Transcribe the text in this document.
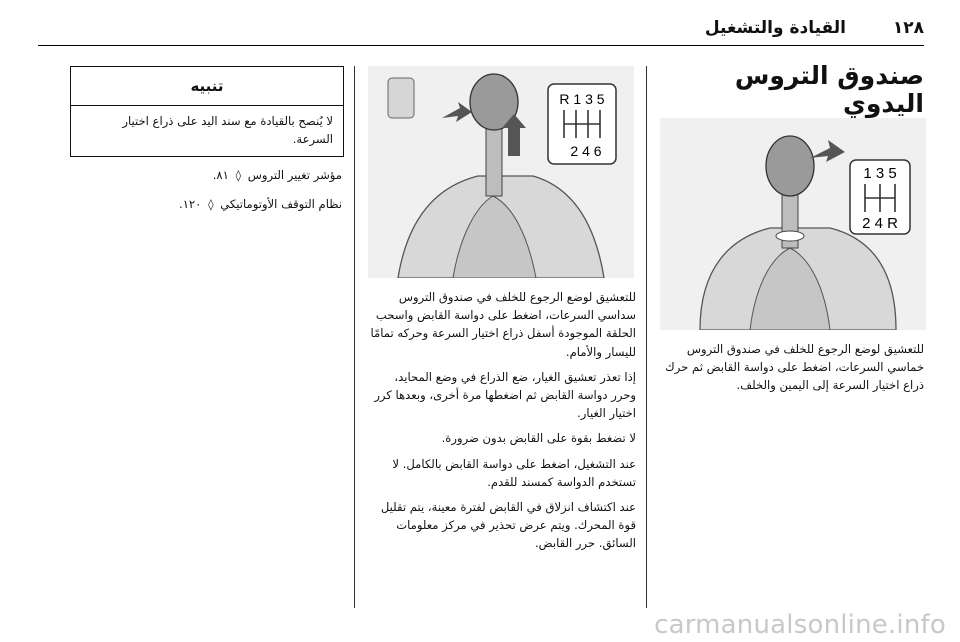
١٢٨
القيادة والتشغيل
صندوق التروس اليدوي
1 3 5
2 4 R

للتعشيق لوضع الرجوع للخلف في صندوق التروس خماسي السرعات، اضغط على دواسة القابض ثم حرك ذراع اختيار السرعة إلى اليمين والخلف.

R 1 3 5
2 4 6

للتعشيق لوضع الرجوع للخلف في صندوق التروس سداسي السرعات، اضغط على دواسة القابض واسحب الحلقة الموجودة أسفل ذراع اختيار السرعة وحركه تمامًا لليسار والأمام.

إذا تعذر تعشيق الغيار، ضع الذراع في وضع المحايد، وحرر دواسة القابض ثم اضغطها مرة أخرى، وبعدها كرر اختيار الغيار.

لا تضغط بقوة على القابض بدون ضرورة.

عند التشغيل، اضغط على دواسة القابض بالكامل. لا تستخدم الدواسة كمسند للقدم.

عند اكتشاف انزلاق في القابض لفترة معينة، يتم تقليل قوة المحرك. ويتم عرض تحذير في مركز معلومات السائق. حرر القابض.

تنبيه
لا يُنصح بالقيادة مع سند اليد على ذراع اختيار السرعة.

مؤشر تغيير التروس ◊ ٨١.

نظام التوقف الأوتوماتيكي ◊ ١٢٠.

carmanualsonline.info
